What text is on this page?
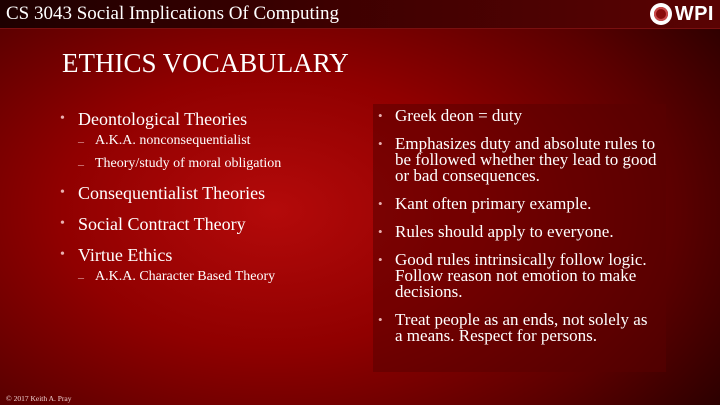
CS 3043 Social Implications Of Computing	WPI
ETHICS VOCABULARY
• Deontological Theories
– A.K.A. nonconsequentialist
– Theory/study of moral obligation
• Consequentialist Theories
• Social Contract Theory
• Virtue Ethics
– A.K.A. Character Based Theory
• Greek deon = duty
• Emphasizes duty and absolute rules to be followed whether they lead to good or bad consequences.
• Kant often primary example.
• Rules should apply to everyone.
• Good rules intrinsically follow logic. Follow reason not emotion to make decisions.
• Treat people as an ends, not solely as a means. Respect for persons.
© 2017 Keith A. Pray
